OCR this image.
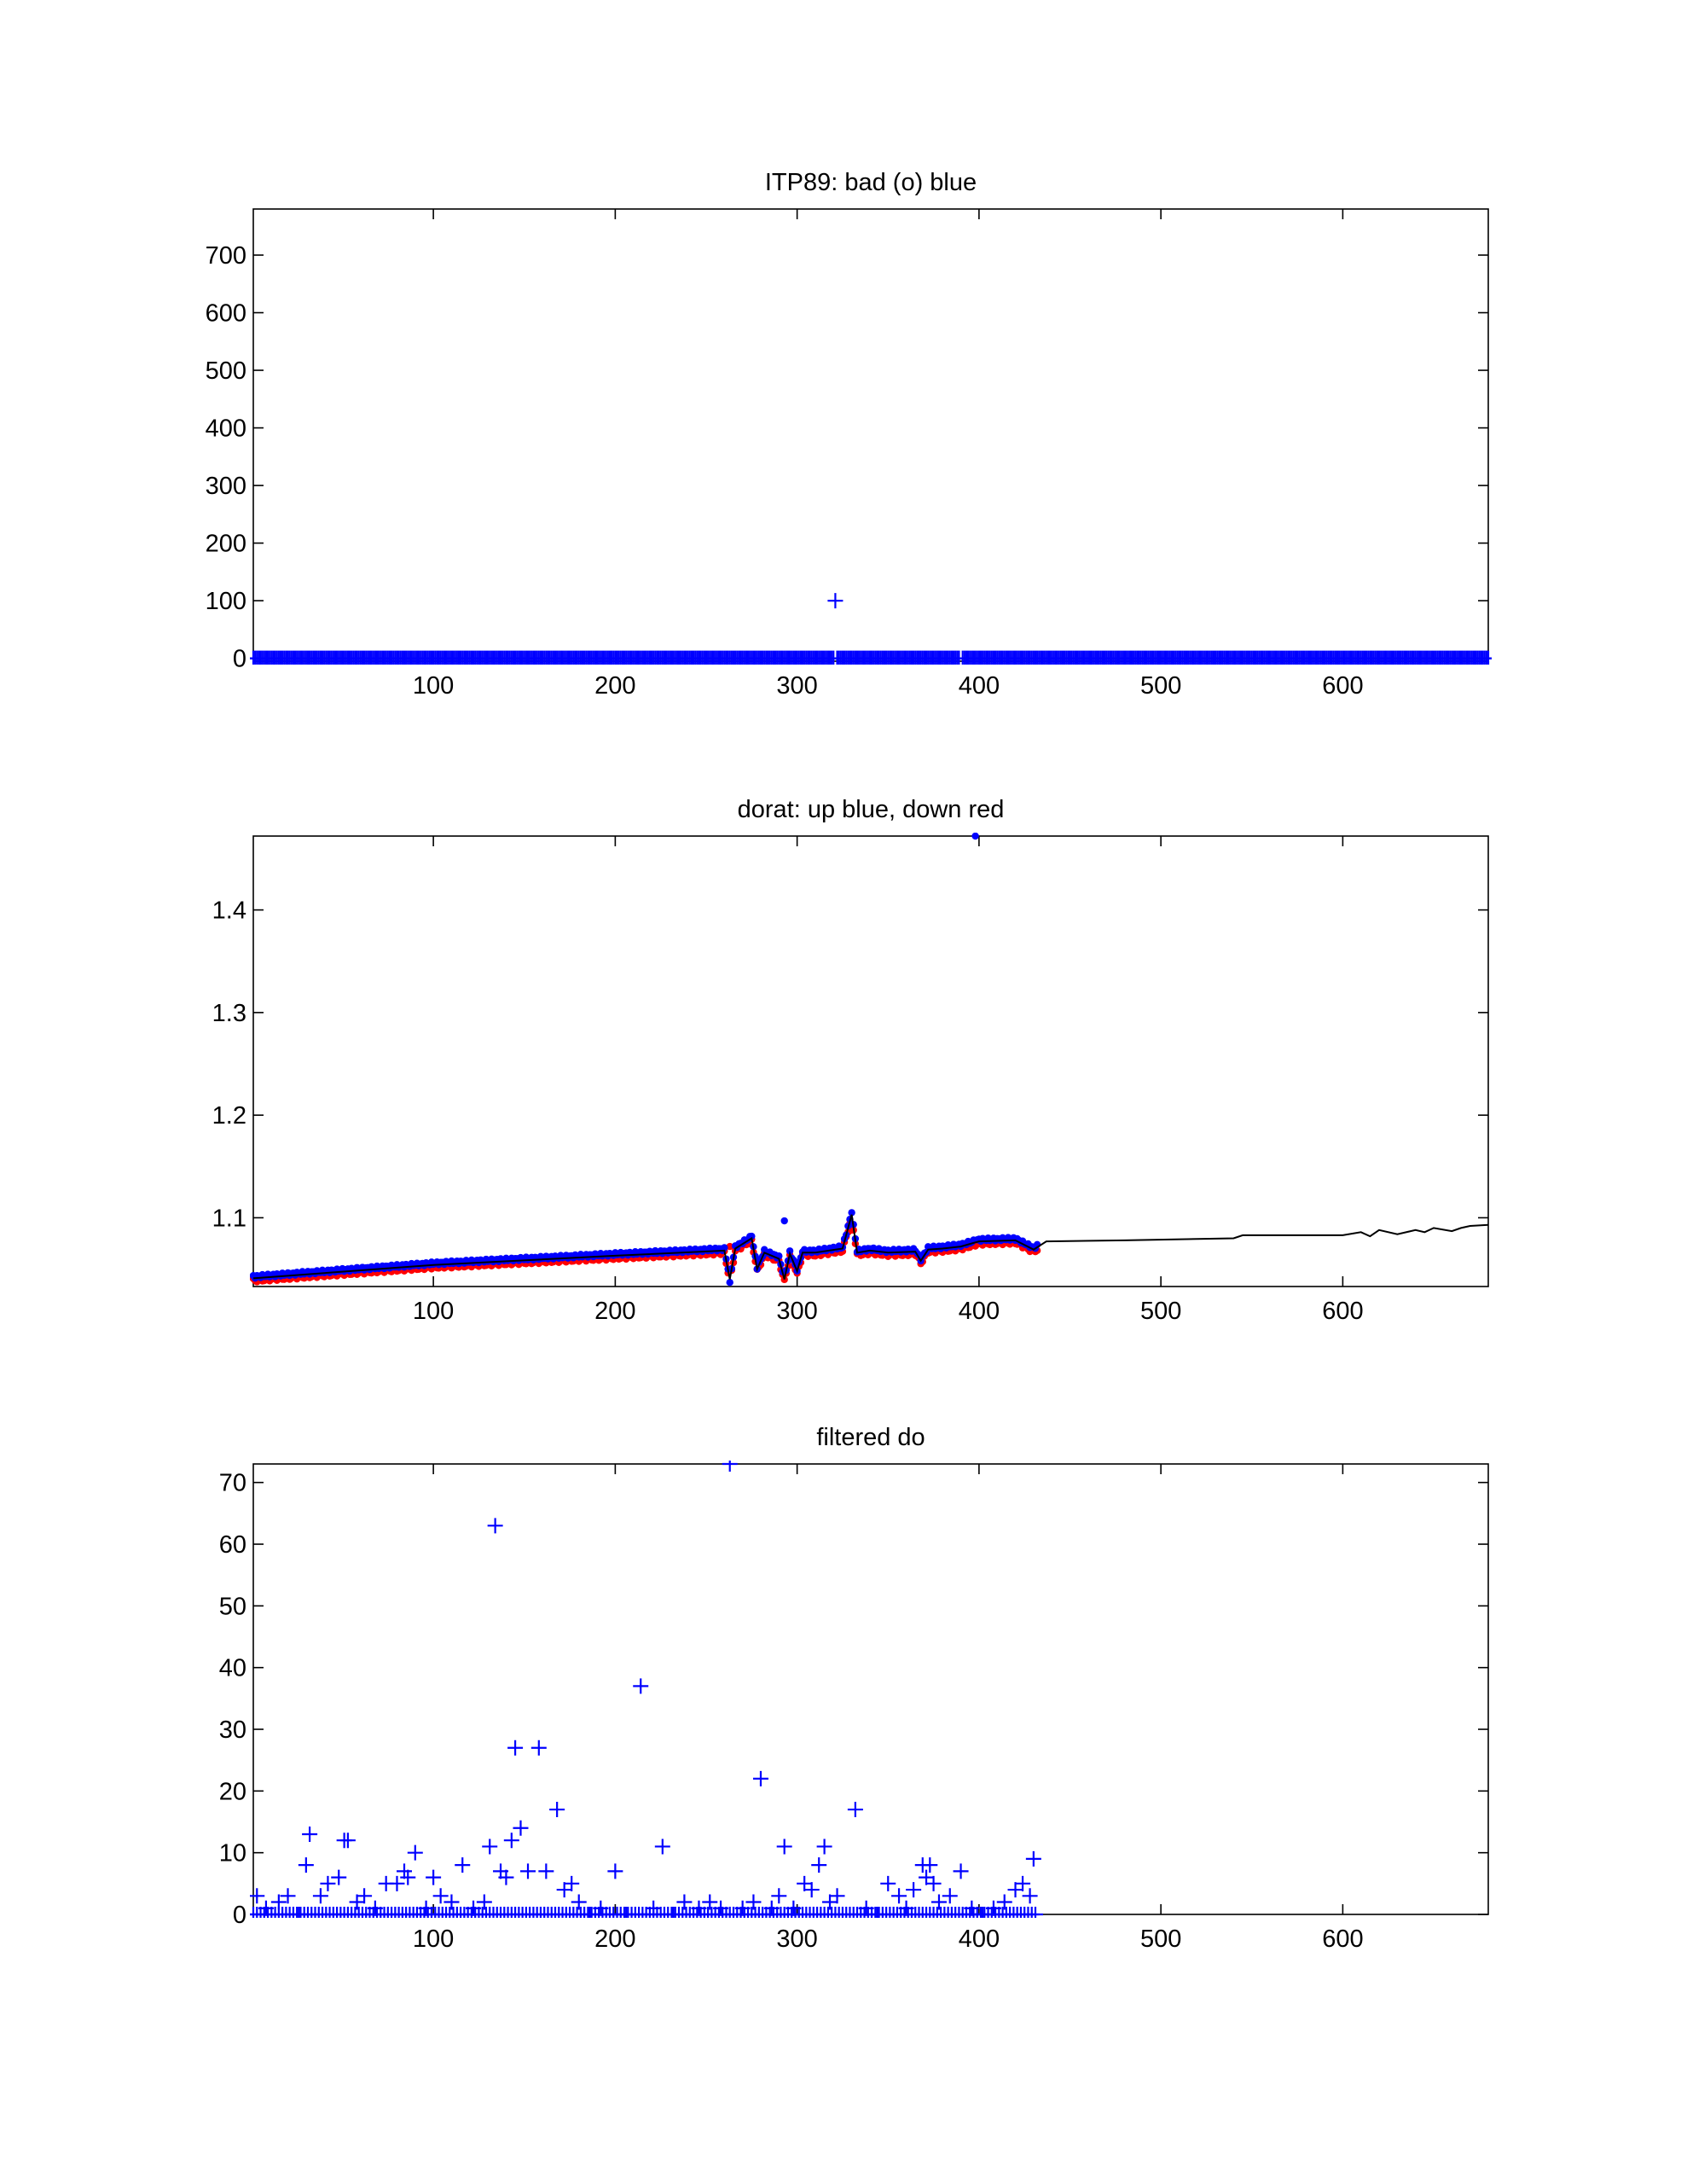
ITP89: bad (o) blue
100	200	300	400	500	600
0
100
200
300
400
500
600
700
dorat: up blue, down red
100	200	300	400	500	600
1.1
1.2
1.3
1.4
filtered do
100	200	300	400	500	600
0
10
20
30
40
50
60
70
